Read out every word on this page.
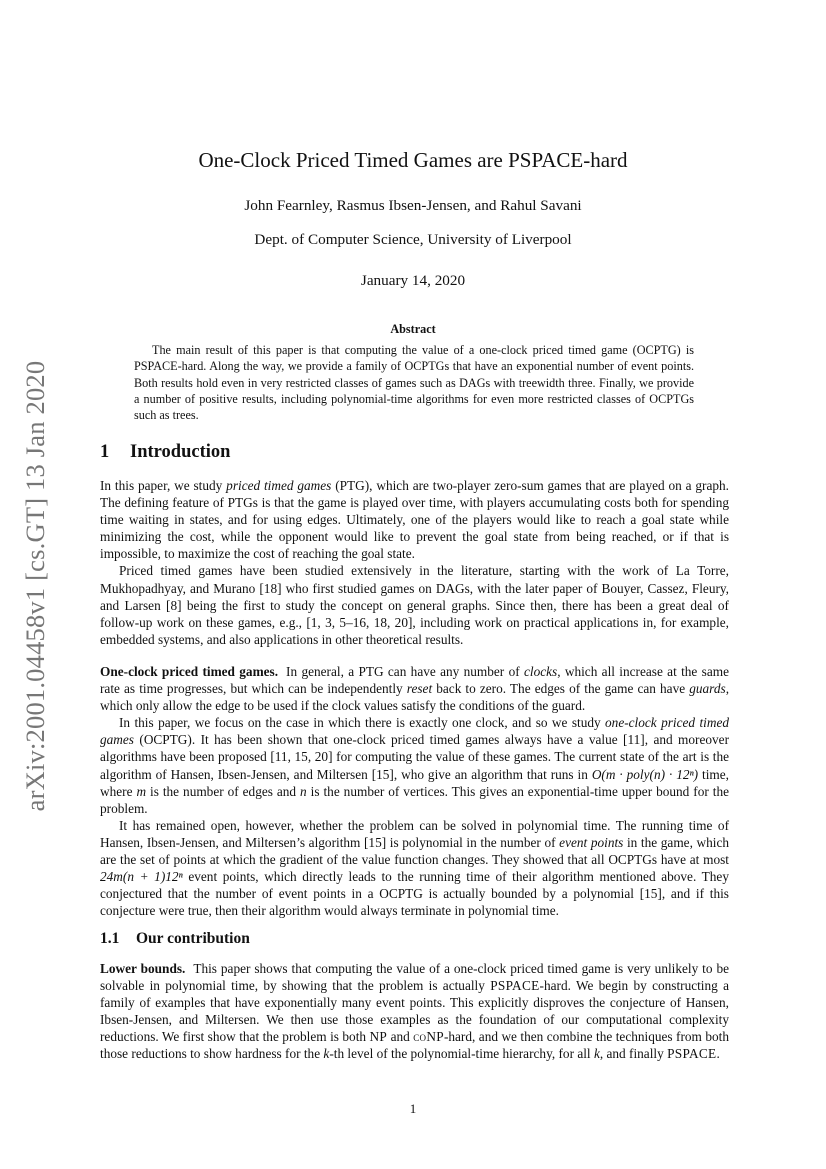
arXiv:2001.04458v1 [cs.GT] 13 Jan 2020
One-Clock Priced Timed Games are PSPACE-hard
John Fearnley, Rasmus Ibsen-Jensen, and Rahul Savani
Dept. of Computer Science, University of Liverpool
January 14, 2020
Abstract

The main result of this paper is that computing the value of a one-clock priced timed game (OCPTG) is PSPACE-hard. Along the way, we provide a family of OCPTGs that have an exponential number of event points. Both results hold even in very restricted classes of games such as DAGs with treewidth three. Finally, we provide a number of positive results, including polynomial-time algorithms for even more restricted classes of OCPTGs such as trees.

1 Introduction

In this paper, we study priced timed games (PTG), which are two-player zero-sum games that are played on a graph. The defining feature of PTGs is that the game is played over time, with players accumulating costs both for spending time waiting in states, and for using edges. Ultimately, one of the players would like to reach a goal state while minimizing the cost, while the opponent would like to prevent the goal state from being reached, or if that is impossible, to maximize the cost of reaching the goal state.

Priced timed games have been studied extensively in the literature, starting with the work of La Torre, Mukhopadhyay, and Murano [18] who first studied games on DAGs, with the later paper of Bouyer, Cassez, Fleury, and Larsen [8] being the first to study the concept on general graphs. Since then, there has been a great deal of follow-up work on these games, e.g., [1, 3, 5–16, 18, 20], including work on practical applications in, for example, embedded systems, and also applications in other theoretical results.

One-clock priced timed games. In general, a PTG can have any number of clocks, which all increase at the same rate as time progresses, but which can be independently reset back to zero. The edges of the game can have guards, which only allow the edge to be used if the clock values satisfy the conditions of the guard.

In this paper, we focus on the case in which there is exactly one clock, and so we study one-clock priced timed games (OCPTG). It has been shown that one-clock priced timed games always have a value [11], and moreover algorithms have been proposed [11, 15, 20] for computing the value of these games. The current state of the art is the algorithm of Hansen, Ibsen-Jensen, and Miltersen [15], who give an algorithm that runs in O(m · poly(n) · 12ⁿ) time, where m is the number of edges and n is the number of vertices. This gives an exponential-time upper bound for the problem.

It has remained open, however, whether the problem can be solved in polynomial time. The running time of Hansen, Ibsen-Jensen, and Miltersen’s algorithm [15] is polynomial in the number of event points in the game, which are the set of points at which the gradient of the value function changes. They showed that all OCPTGs have at most 24m(n + 1)12ⁿ event points, which directly leads to the running time of their algorithm mentioned above. They conjectured that the number of event points in a OCPTG is actually bounded by a polynomial [15], and if this conjecture were true, then their algorithm would always terminate in polynomial time.

1.1 Our contribution

Lower bounds. This paper shows that computing the value of a one-clock priced timed game is very unlikely to be solvable in polynomial time, by showing that the problem is actually PSPACE-hard. We begin by constructing a family of examples that have exponentially many event points. This explicitly disproves the conjecture of Hansen, Ibsen-Jensen, and Miltersen. We then use those examples as the foundation of our computational complexity reductions. We first show that the problem is both NP and coNP-hard, and we then combine the techniques from both those reductions to show hardness for the k-th level of the polynomial-time hierarchy, for all k, and finally PSPACE.

1
